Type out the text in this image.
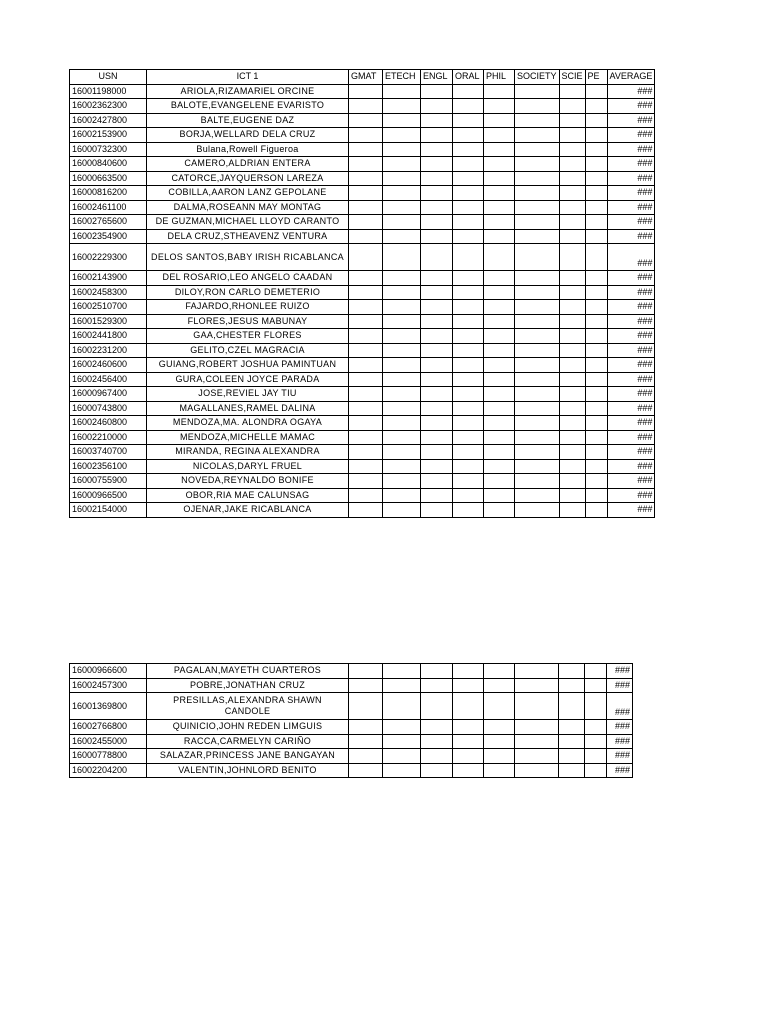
USN	ICT 1	GMAT	ETECH	ENGL	ORAL	PHIL	SOCIETY	SCIE	PE	AVERAGE
16001198000	ARIOLA,RIZAMARIEL ORCINE									###
16002362300	BALOTE,EVANGELENE EVARISTO									###
16002427800	BALTE,EUGENE DAZ									###
16002153900	BORJA,WELLARD DELA CRUZ									###
16000732300	Bulana,Rowell Figueroa									###
16000840600	CAMERO,ALDRIAN ENTERA									###
16000663500	CATORCE,JAYQUERSON LAREZA									###
16000816200	COBILLA,AARON LANZ GEPOLANE									###
16002461100	DALMA,ROSEANN MAY MONTAG									###
16002765600	DE GUZMAN,MICHAEL LLOYD CARANTO									###
16002354900	DELA CRUZ,STHEAVENZ VENTURA									###
16002229300	DELOS SANTOS,BABY IRISH RICABLANCA									###
16002143900	DEL ROSARIO,LEO ANGELO CAADAN									###
16002458300	DILOY,RON CARLO DEMETERIO									###
16002510700	FAJARDO,RHONLEE RUIZO									###
16001529300	FLORES,JESUS MABUNAY									###
16002441800	GAA,CHESTER FLORES									###
16002231200	GELITO,CZEL MAGRACIA									###
16002460600	GUIANG,ROBERT JOSHUA PAMINTUAN									###
16002456400	GURA,COLEEN JOYCE PARADA									###
16000967400	JOSE,REVIEL JAY TIU									###
16000743800	MAGALLANES,RAMEL DALINA									###
16002460800	MENDOZA,MA. ALONDRA OGAYA									###
16002210000	MENDOZA,MICHELLE MAMAC									###
16003740700	MIRANDA, REGINA ALEXANDRA									###
16002356100	NICOLAS,DARYL FRUEL									###
16000755900	NOVEDA,REYNALDO BONIFE									###
16000966500	OBOR,RIA MAE CALUNSAG									###
16002154000	OJENAR,JAKE RICABLANCA									###
16000966600	PAGALAN,MAYETH CUARTEROS									###
16002457300	POBRE,JONATHAN CRUZ									###
16001369800	PRESILLAS,ALEXANDRA SHAWN CANDOLE									###
16002766800	QUINICIO,JOHN REDEN LIMGUIS									###
16002455000	RACCA,CARMELYN CARIÑO									###
16000778800	SALAZAR,PRINCESS JANE BANGAYAN									###
16002204200	VALENTIN,JOHNLORD BENITO									###
